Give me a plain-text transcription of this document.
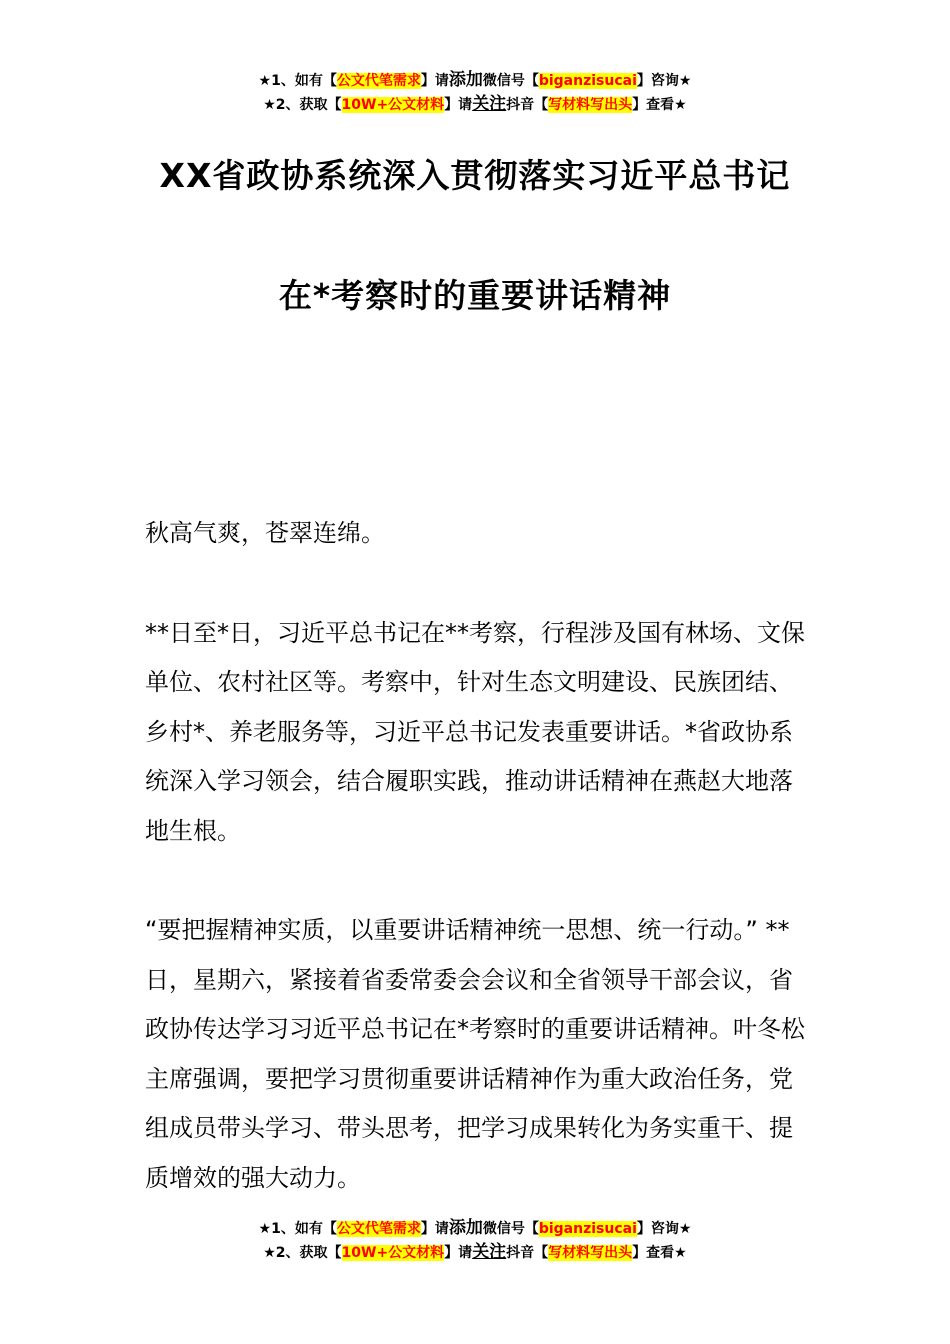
★1、如有【公文代笔需求】请添加微信号【biganzisucai】咨询★
★2、获取【10W+公文材料】请关注抖音【写材料写出头】查看★
XX省政协系统深入贯彻落实习近平总书记
在*考察时的重要讲话精神

秋高气爽，苍翠连绵。

**日至*日，习近平总书记在**考察，行程涉及国有林场、文保单位、农村社区等。考察中，针对生态文明建设、民族团结、乡村*、养老服务等，习近平总书记发表重要讲话。*省政协系统深入学习领会，结合履职实践，推动讲话精神在燕赵大地落地生根。

“要把握精神实质，以重要讲话精神统一思想、统一行动。” **日，星期六，紧接着省委常委会会议和全省领导干部会议，省政协传达学习习近平总书记在*考察时的重要讲话精神。叶冬松主席强调，要把学习贯彻重要讲话精神作为重大政治任务，党组成员带头学习、带头思考，把学习成果转化为务实重干、提质增效的强大动力。

★1、如有【公文代笔需求】请添加微信号【biganzisucai】咨询★
★2、获取【10W+公文材料】请关注抖音【写材料写出头】查看★
